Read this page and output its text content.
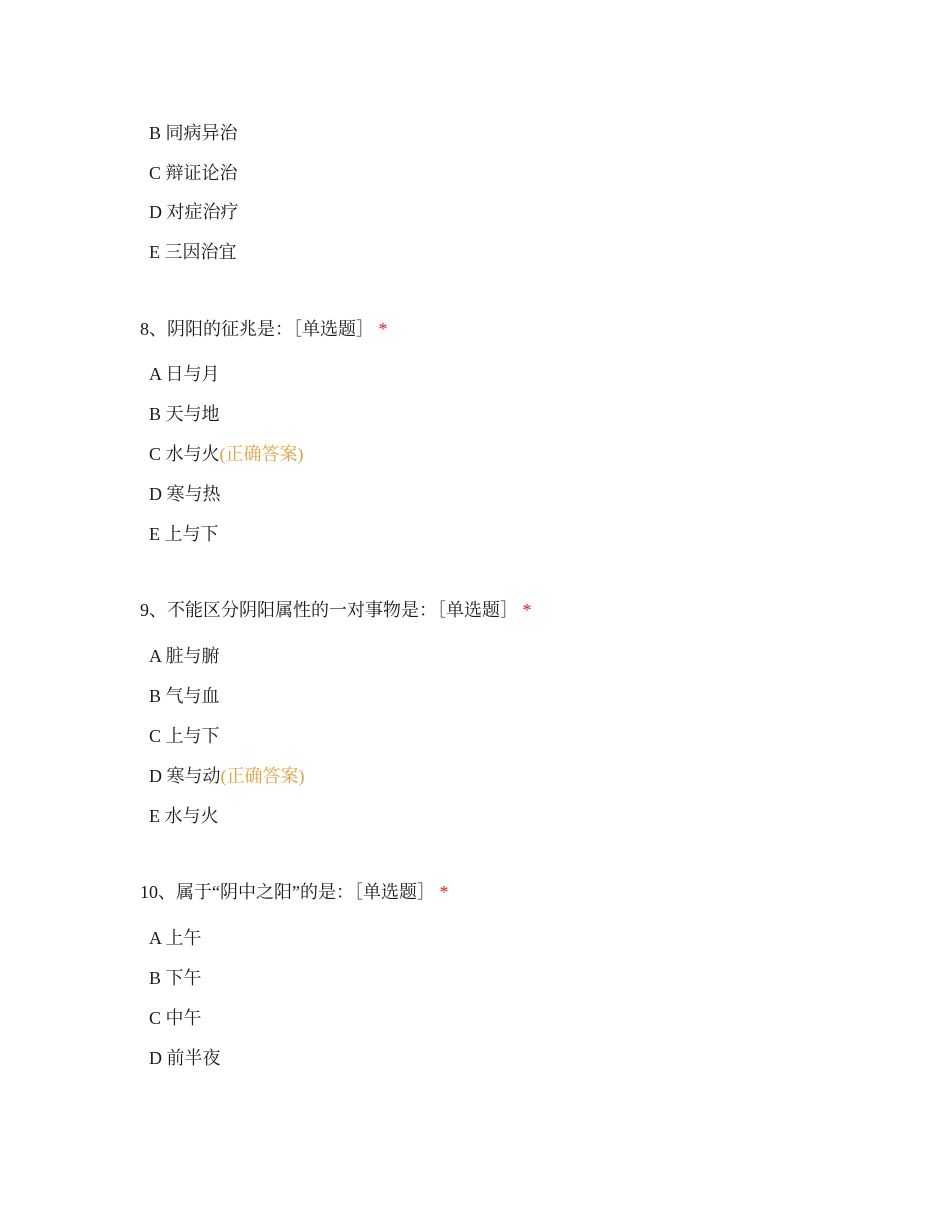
B 同病异治
C 辩证论治
D 对症治疗
E 三因治宜
8、阴阳的征兆是：［单选题］ *
A 日与月
B 天与地
C 水与火(正确答案)
D 寒与热
E 上与下
9、不能区分阴阳属性的一对事物是：［单选题］ *
A 脏与腑
B 气与血
C 上与下
D 寒与动(正确答案)
E 水与火
10、属于“阴中之阳”的是：［单选题］ *
A 上午
B 下午
C 中午
D 前半夜
